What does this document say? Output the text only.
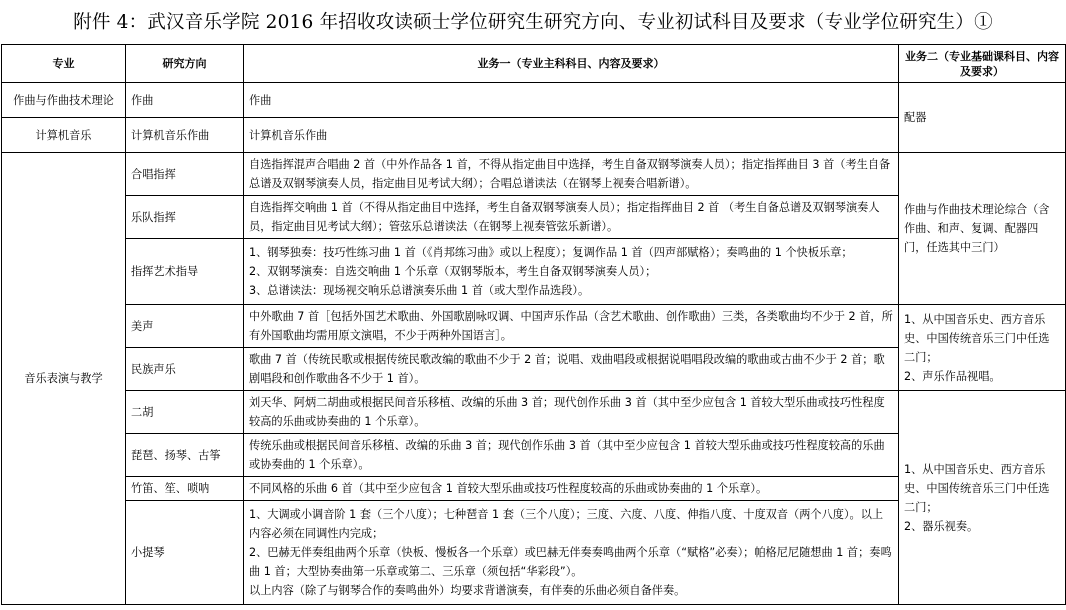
附件 4：武汉音乐学院 2016 年招收攻读硕士学位研究生研究方向、专业初试科目及要求（专业学位研究生）①
专业	研究方向	业务一（专业主科科目、内容及要求）	业务二（专业基础课科目、内容及要求）
作曲与作曲技术理论	作曲	作曲	配器
计算机音乐	计算机音乐作曲	计算机音乐作曲	
音乐表演与教学	合唱指挥	自选指挥混声合唱曲 2 首（中外作品各 1 首，不得从指定曲目中选择，考生自备双钢琴演奏人员）；指定指挥曲目 3 首（考生自备总谱及双钢琴演奏人员，指定曲目见考试大纲）；合唱总谱读法（在钢琴上视奏合唱新谱）。	作曲与作曲技术理论综合（含作曲、和声、复调、配器四门，任选其中三门）
	乐队指挥	自选指挥交响曲 1 首（不得从指定曲目中选择，考生自备双钢琴演奏人员）；指定指挥曲目 2 首 （考生自备总谱及双钢琴演奏人员，指定曲目见考试大纲）；管弦乐总谱读法（在钢琴上视奏管弦乐新谱）。	
	指挥艺术指导	1、钢琴独奏：技巧性练习曲 1 首（《肖邦练习曲》或以上程度）；复调作品 1 首（四声部赋格）；奏鸣曲的 1 个快板乐章；
2、双钢琴演奏：自选交响曲 1 个乐章（双钢琴版本，考生自备双钢琴演奏人员）；
3、总谱读法：现场视交响乐总谱演奏乐曲 1 首（或大型作品选段）。	

	美声	中外歌曲 7 首［包括外国艺术歌曲、外国歌剧咏叹调、中国声乐作品（含艺术歌曲、创作歌曲）三类，各类歌曲均不少于 2 首，所有外国歌曲均需用原文演唱，不少于两种外国语言］。	1、从中国音乐史、西方音乐史、中国传统音乐三门中任选二门；
2、声乐作品视唱。

	民族声乐	歌曲 7 首（传统民歌或根据传统民歌改编的歌曲不少于 2 首；说唱、戏曲唱段或根据说唱唱段改编的歌曲或古曲不少于 2 首；歌剧唱段和创作歌曲各不少于 1 首）。	
	二胡	刘天华、阿炳二胡曲或根据民间音乐移植、改编的乐曲 3 首；现代创作乐曲 3 首（其中至少应包含 1 首较大型乐曲或技巧性程度较高的乐曲或协奏曲的 1 个乐章）。	1、从中国音乐史、西方音乐史、中国传统音乐三门中任选二门；
2、器乐视奏。

	琵琶、扬琴、古筝	传统乐曲或根据民间音乐移植、改编的乐曲 3 首；现代创作乐曲 3 首（其中至少应包含 1 首较大型乐曲或技巧性程度较高的乐曲或协奏曲的 1 个乐章）。	
	竹笛、笙、唢呐	不同风格的乐曲 6 首（其中至少应包含 1 首较大型乐曲或技巧性程度较高的乐曲或协奏曲的 1 个乐章）。	
	小提琴	1、大调或小调音阶 1 套（三个八度）；七种琶音 1 套（三个八度）；三度、六度、八度、伸指八度、十度双音（两个八度）。以上内容必须在同调性内完成；
2、巴赫无伴奏组曲两个乐章（快板、慢板各一个乐章）或巴赫无伴奏奏鸣曲两个乐章（“赋格”必奏）；帕格尼尼随想曲 1 首；奏鸣曲 1 首；大型协奏曲第一乐章或第二、三乐章（须包括“华彩段”）。
以上内容（除了与钢琴合作的奏鸣曲外）均要求背谱演奏，有伴奏的乐曲必须自备伴奏。	
